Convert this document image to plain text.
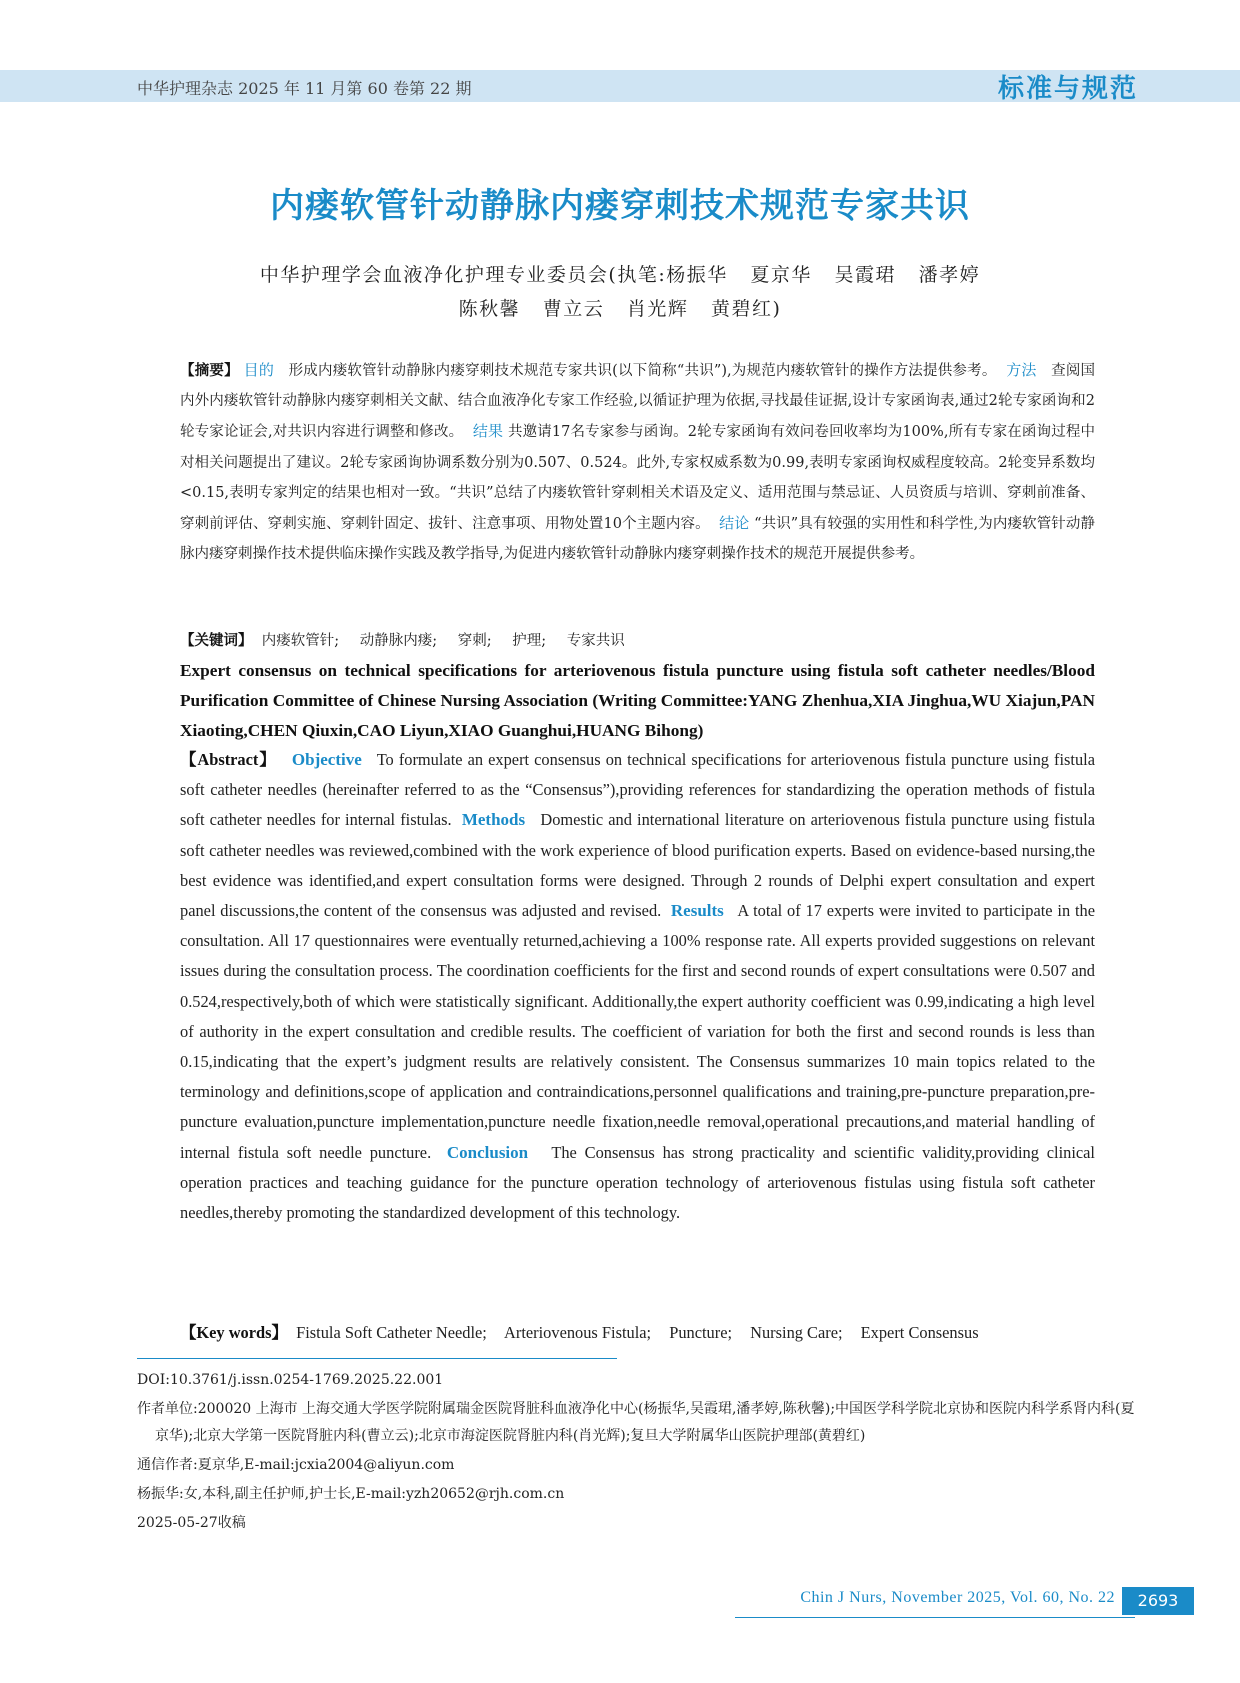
中华护理杂志 2025 年 11 月第 60 卷第 22 期	标准与规范
内瘘软管针动静脉内瘘穿刺技术规范专家共识
中华护理学会血液净化护理专业委员会(执笔:杨振华   夏京华   吴霞珺   潘孝婷
陈秋馨   曹立云   肖光辉   黄碧红)
【摘要】 目的 形成内瘘软管针动静脉内瘘穿刺技术规范专家共识(以下简称“共识”),为规范内瘘软管针的操作方法提供参考。 方法 查阅国内外内瘘软管针动静脉内瘘穿刺相关文献、结合血液净化专家工作经验,以循证护理为依据,寻找最佳证据,设计专家函询表,通过2轮专家函询和2轮专家论证会,对共识内容进行调整和修改。 结果 共邀请17名专家参与函询。2轮专家函询有效问卷回收率均为100%,所有专家在函询过程中对相关问题提出了建议。2轮专家函询协调系数分别为0.507、0.524。此外,专家权威系数为0.99,表明专家函询权威程度较高。2轮变异系数均<0.15,表明专家判定的结果也相对一致。“共识”总结了内瘘软管针穿刺相关术语及定义、适用范围与禁忌证、人员资质与培训、穿刺前准备、穿刺前评估、穿刺实施、穿刺针固定、拔针、注意事项、用物处置10个主题内容。 结论 “共识”具有较强的实用性和科学性,为内瘘软管针动静脉内瘘穿刺操作技术提供临床操作实践及教学指导,为促进内瘘软管针动静脉内瘘穿刺操作技术的规范开展提供参考。
【关键词】 内瘘软管针; 动静脉内瘘; 穿刺; 护理; 专家共识
Expert consensus on technical specifications for arteriovenous fistula puncture using fistula soft catheter needles/Blood Purification Committee of Chinese Nursing Association (Writing Committee:YANG Zhenhua,XIA Jinghua,WU Xiajun,PAN Xiaoting,CHEN Qiuxin,CAO Liyun,XIAO Guanghui,HUANG Bihong)
【Abstract】 Objective To formulate an expert consensus on technical specifications for arteriovenous fistula puncture using fistula soft catheter needles (hereinafter referred to as the “Consensus”),providing references for standardizing the operation methods of fistula soft catheter needles for internal fistulas. Methods Domestic and international literature on arteriovenous fistula puncture using fistula soft catheter needles was reviewed,combined with the work experience of blood purification experts. Based on evidence-based nursing,the best evidence was identified,and expert consultation forms were designed. Through 2 rounds of Delphi expert consultation and expert panel discussions,the content of the consensus was adjusted and revised. Results A total of 17 experts were invited to participate in the consultation. All 17 questionnaires were eventually returned,achieving a 100% response rate. All experts provided suggestions on relevant issues during the consultation process. The coordination coefficients for the first and second rounds of expert consultations were 0.507 and 0.524,respectively,both of which were statistically significant. Additionally,the expert authority coefficient was 0.99,indicating a high level of authority in the expert consultation and credible results. The coefficient of variation for both the first and second rounds is less than 0.15,indicating that the expert’s judgment results are relatively consistent. The Consensus summarizes 10 main topics related to the terminology and definitions,scope of application and contraindications,personnel qualifications and training,pre-puncture preparation,pre-puncture evaluation,puncture implementation,puncture needle fixation,needle removal,operational precautions,and material handling of internal fistula soft needle puncture. Conclusion The Consensus has strong practicality and scientific validity,providing clinical operation practices and teaching guidance for the puncture operation technology of arteriovenous fistulas using fistula soft catheter needles,thereby promoting the standardized development of this technology.
【Key words】 Fistula Soft Catheter Needle; Arteriovenous Fistula; Puncture; Nursing Care; Expert Consensus
DOI:10.3761/j.issn.0254-1769.2025.22.001
作者单位:200020 上海市 上海交通大学医学院附属瑞金医院肾脏科血液净化中心(杨振华,吴霞珺,潘孝婷,陈秋馨);中国医学科学院北京协和医院内科学系肾内科(夏京华);北京大学第一医院肾脏内科(曹立云);北京市海淀医院肾脏内科(肖光辉);复旦大学附属华山医院护理部(黄碧红)
通信作者:夏京华,E-mail:jcxia2004@aliyun.com
杨振华:女,本科,副主任护师,护士长,E-mail:yzh20652@rjh.com.cn
2025-05-27收稿
Chin J Nurs, November 2025, Vol. 60, No. 22	2693
